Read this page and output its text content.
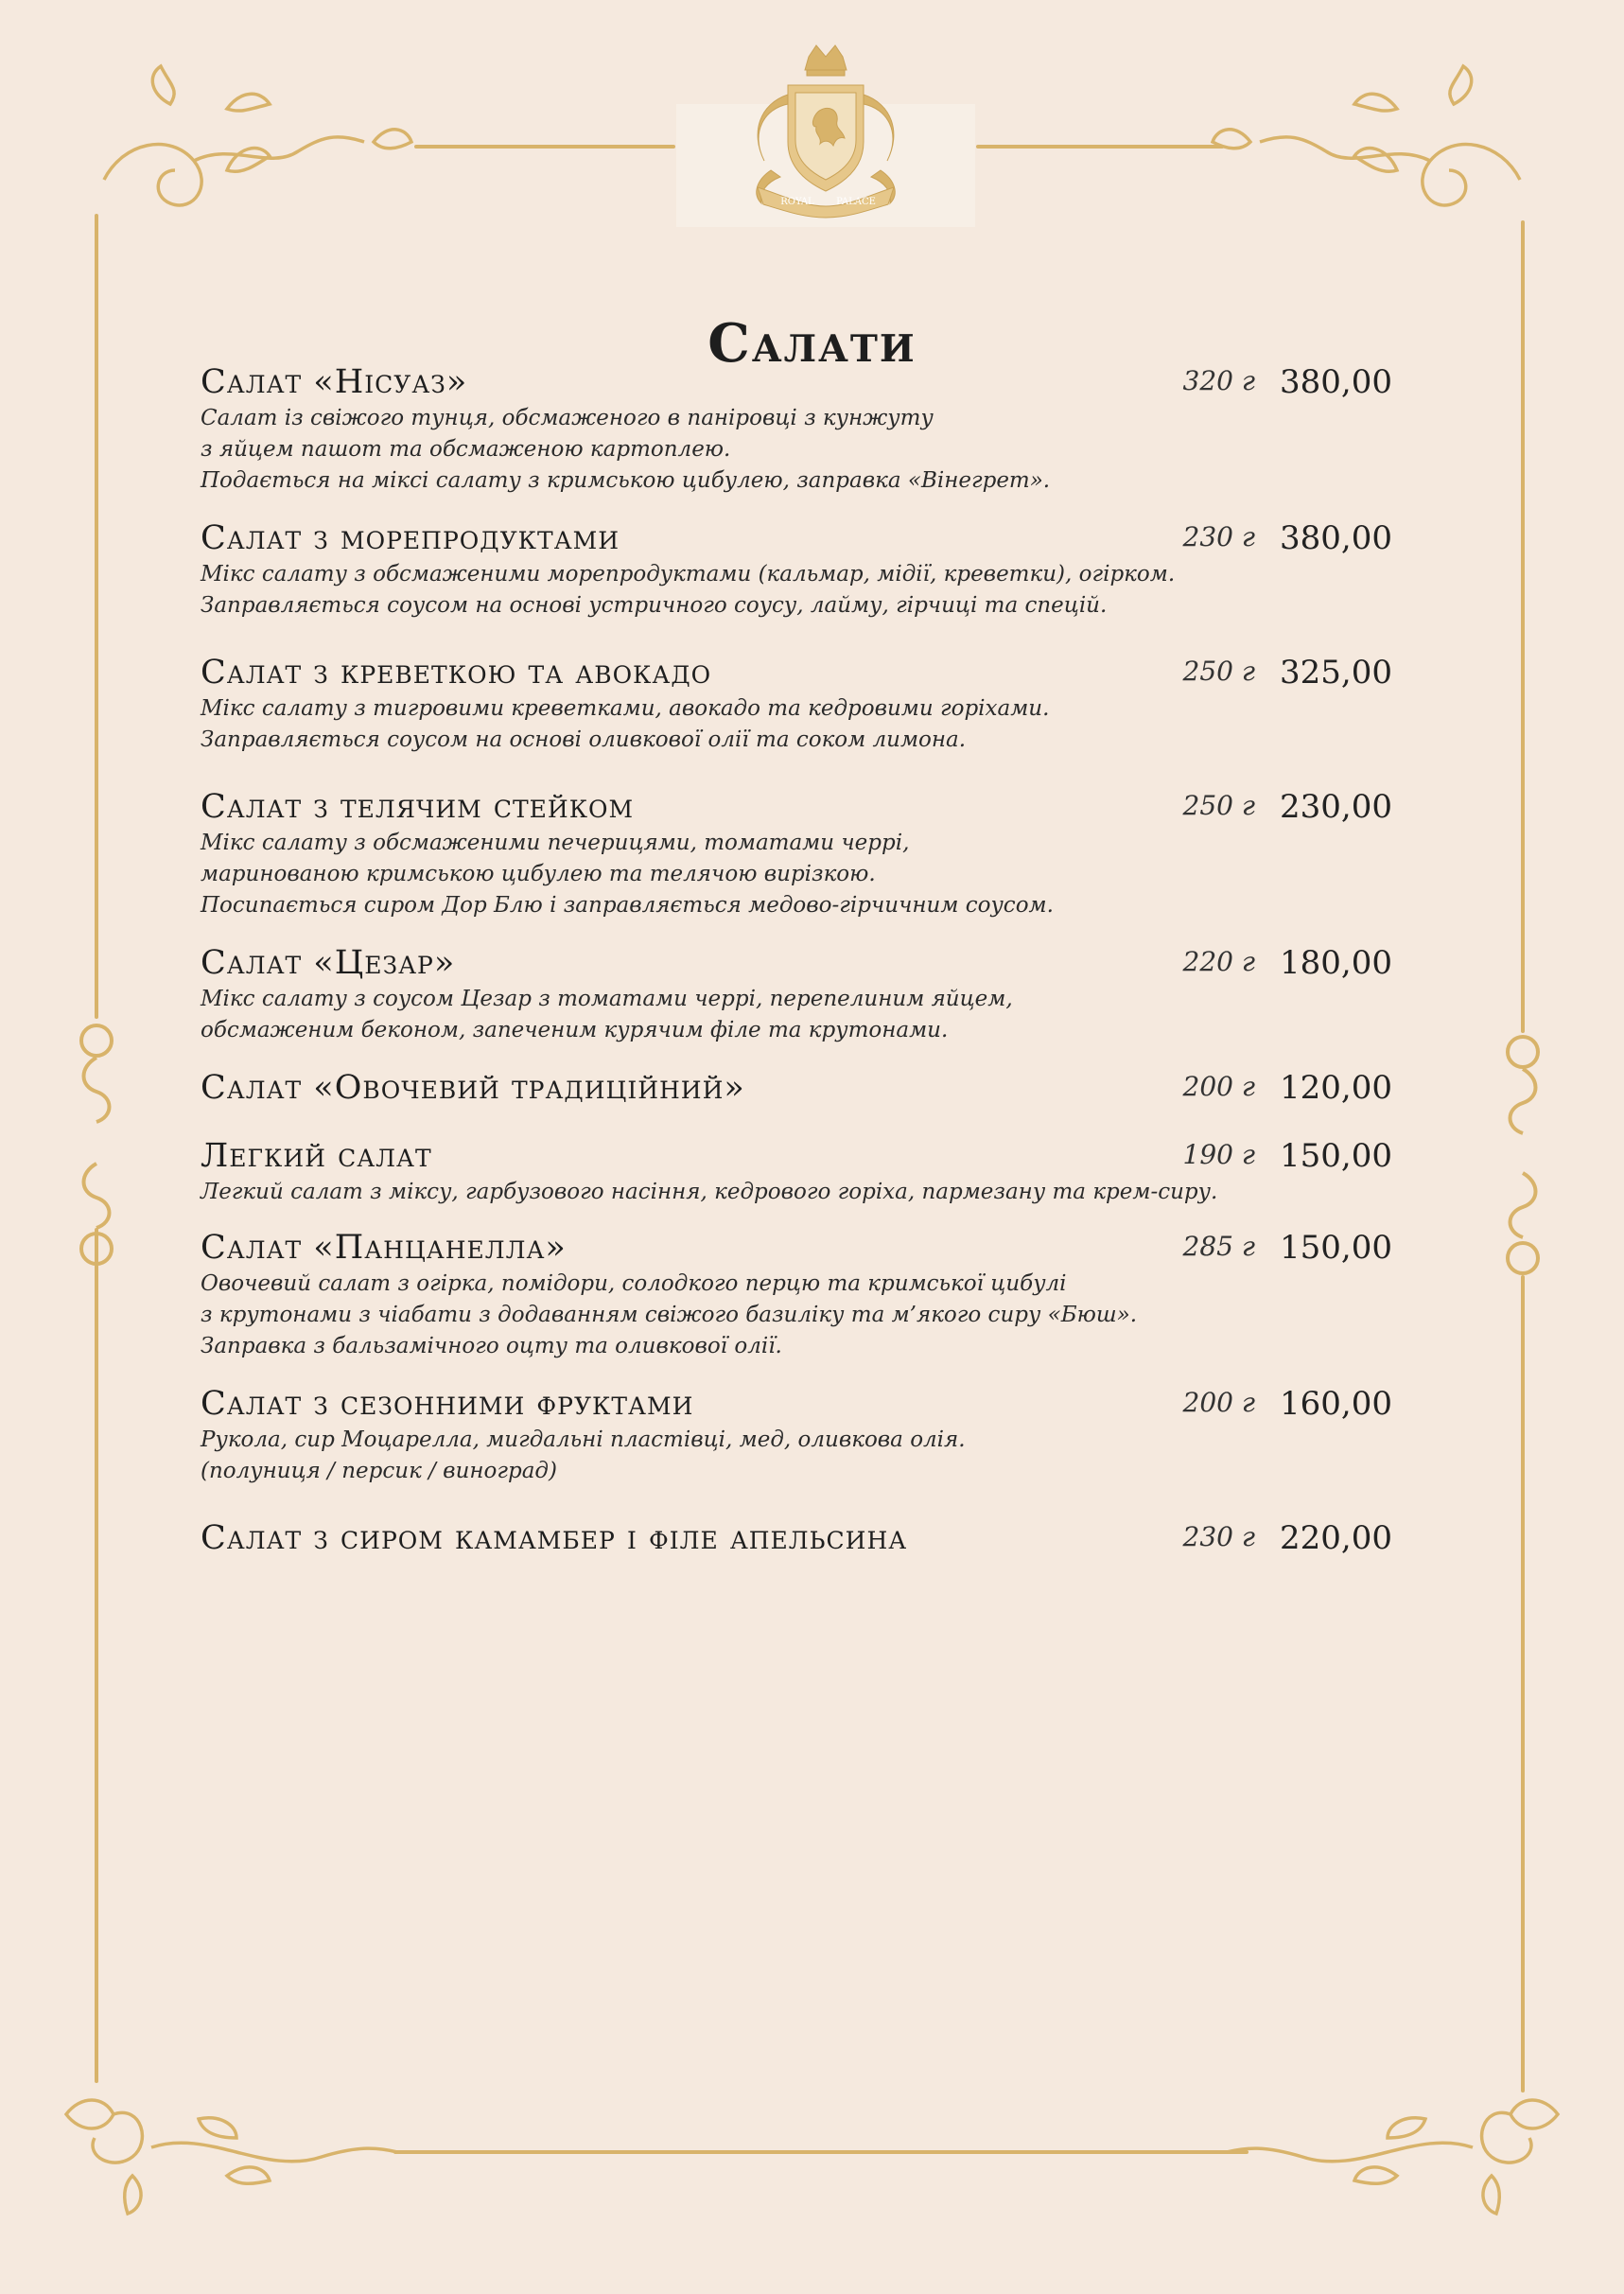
ROYAL PALACE
Салати
Салат «Нісуаз»
Салат із свіжого тунця, обсмаженого в паніровці з кунжуту
з яйцем пашот та обсмаженою картоплею.
Подається на міксі салату з кримською цибулею, заправка «Вінегрет».
320 г 380,00
Салат з морепродуктами
Мікс салату з обсмаженими морепродуктами (кальмар, мідії, креветки), огірком.
Заправляється соусом на основі устричного соусу, лайму, гірчиці та спецій.
230 г 380,00
Салат з креветкою та авокадо
Мікс салату з тигровими креветками, авокадо та кедровими горіхами.
Заправляється соусом на основі оливкової олії та соком лимона.
250 г 325,00
Салат з телячим стейком
Мікс салату з обсмаженими печерицями, томатами черрі,
маринованою кримською цибулею та телячою вирізкою.
Посипається сиром Дор Блю і заправляється медово-гірчичним соусом.
250 г 230,00
Салат «Цезар»
Мікс салату з соусом Цезар з томатами черрі, перепелиним яйцем,
обсмаженим беконом, запеченим курячим філе та крутонами.
220 г 180,00
Салат «Овочевий традиційний»	200 г 120,00
Легкий салат
Легкий салат з міксу, гарбузового насіння, кедрового горіха, пармезану та крем-сиру.
190 г 150,00
Салат «Панцанелла»
Овочевий салат з огірка, помідори, солодкого перцю та кримської цибулі
з крутонами з чіабати з додаванням свіжого базиліку та м’якого сиру «Бюш».
Заправка з бальзамічного оцту та оливкової олії.
285 г 150,00
Салат з сезонними фруктами
Рукола, сир Моцарелла, мигдальні пластівці, мед, оливкова олія.
(полуниця / персик / виноград)
200 г 160,00
Салат з сиром камамбер і філе апельсина	230 г 220,00
